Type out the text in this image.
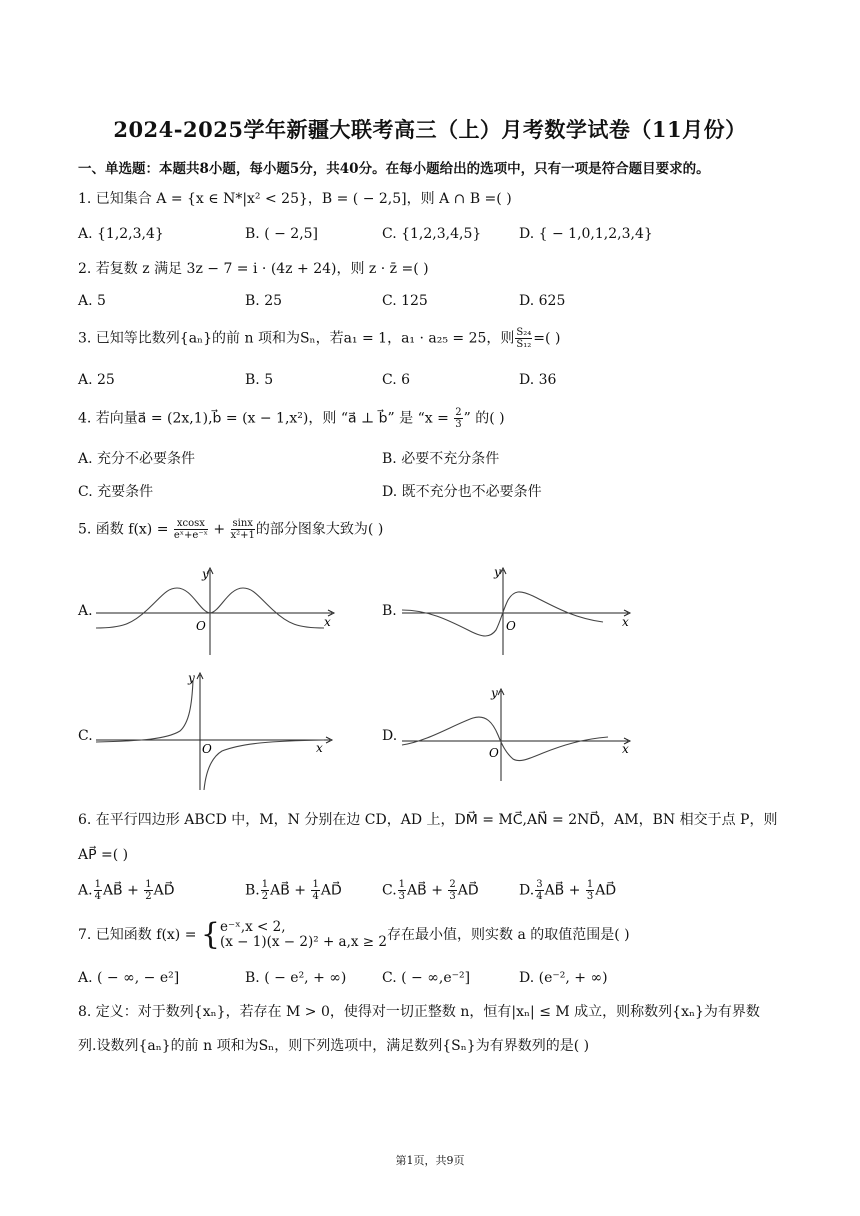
2024-2025学年新疆大联考高三（上）月考数学试卷（11月份）
一、单选题：本题共8小题，每小题5分，共40分。在每小题给出的选项中，只有一项是符合题目要求的。
1. 已知集合 A = {x ∈ N*|x² < 25}，B = ( − 2,5]，则 A ∩ B =( )
A. {1,2,3,4}	B. ( − 2,5]	C. {1,2,3,4,5}	D. { − 1,0,1,2,3,4}
2. 若复数 z 满足 3z − 7 = i · (4z + 24)，则 z · z̄ =( )
A. 5	B. 25	C. 125	D. 625
3. 已知等比数列{aₙ}的前 n 项和为Sₙ，若a₁ = 1，a₁ · a₂₅ = 25，则 $\frac{\text{S₂₄}}{\text{S₁₂}}$ =( )
A. 25	B. 5	C. 6	D. 36
4. 若向量a⃗ = (2x,1),b⃗ = (x − 1,x²)，则 “a⃗ ⊥ b⃗” 是 “$x = \frac{2}{3}$ ” 的( )
A. 充分不必要条件	B. 必要不充分条件
C. 充要条件	D. 既不充分也不必要条件
5. 函数 $f(x) = \frac{xcosx}{\text{eˣ+e⁻ˣ}} + \frac{\sin x}{\text{x²+1}}$ 的部分图象大致为( )
A.	B.
C.	D.
y
O	x
y
O	x
y
O	x
y
O	x
6. 在平行四边形 ABCD 中，M，N 分别在边 CD，AD 上，DM⃗ = MC⃗,AN⃗ = 2ND⃗，AM，BN 相交于点 P，则
AP⃗ =( )
A. $\frac{1}{4}$ AB⃗ + $\frac{1}{2}$ AD⃗	B. $\frac{1}{2}$ AB⃗ + $\frac{1}{4}$ AD⃗	C. $\frac{1}{3}$ AB⃗ + $\frac{2}{3}$ AD⃗	D. $\frac{3}{4}$ AB⃗ + $\frac{1}{3}$ AD⃗
7. 已知函数 f(x) = { e⁻ˣ,x < 2,
(x − 1)(x − 2)² + a,x ≥ 2 存在最小值，则实数 a 的取值范围是( )
A. ( − ∞, − e²]	B. ( − e², + ∞)	C. ( − ∞,e⁻²]	D. (e⁻², + ∞)
8. 定义：对于数列{xₙ}，若存在 M > 0，使得对一切正整数 n，恒有|xₙ| ≤ M 成立，则称数列{xₙ}为有界数
列.设数列{aₙ}的前 n 项和为Sₙ，则下列选项中，满足数列{Sₙ}为有界数列的是( )
第1页，共9页
